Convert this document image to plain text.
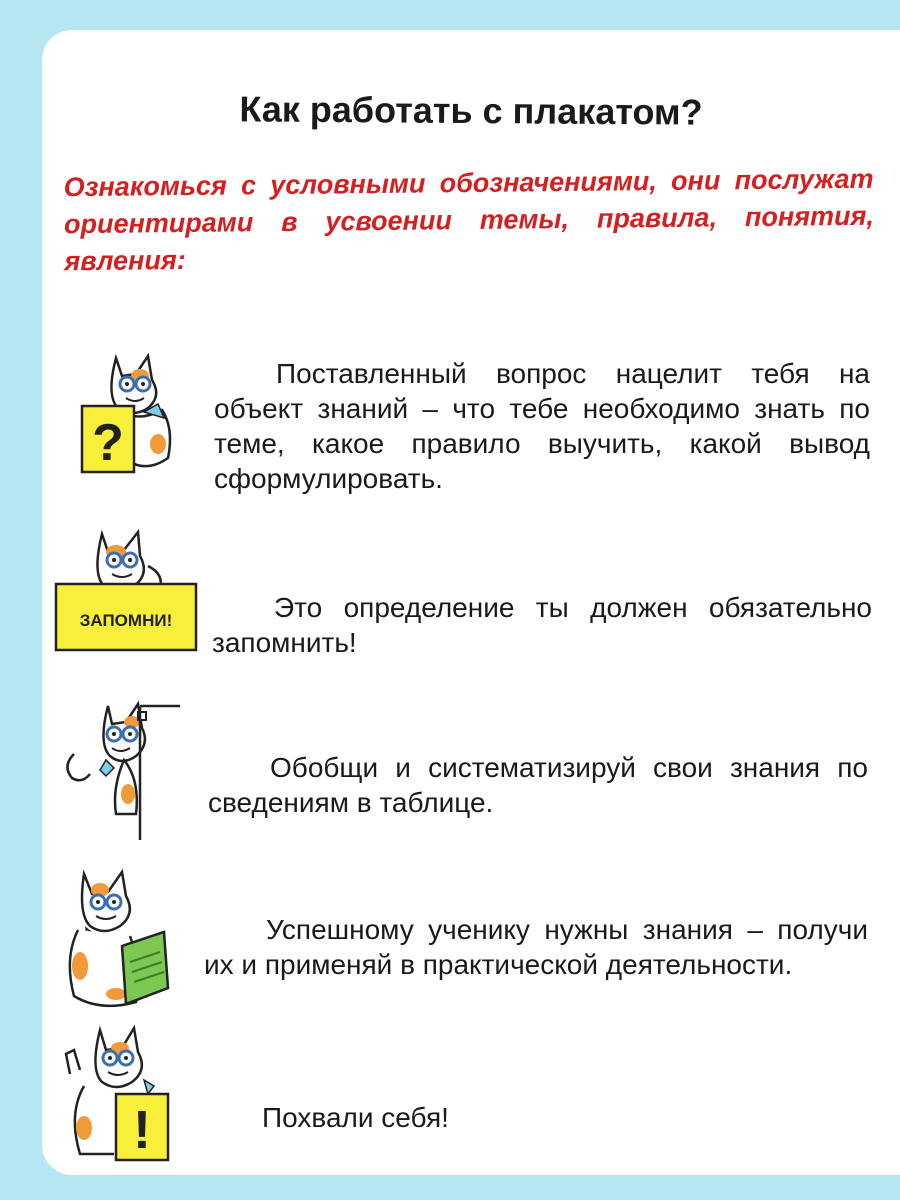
Как работать с плакатом?
Ознакомься с условными обозначениями, они послужат ориентирами в усвоении темы, правила, понятия, явления:
?
Поставленный вопрос нацелит тебя на объект знаний – что тебе необходимо знать по теме, какое правило выучить, какой вывод сформулировать.
ЗАПОМНИ!	Это определение ты должен обязательно запомнить!
Обобщи и систематизируй свои знания по сведениям в таблице.
Успешному ученику нужны знания – получи их и применяй в практической деятельности.
!	Похвали себя!
